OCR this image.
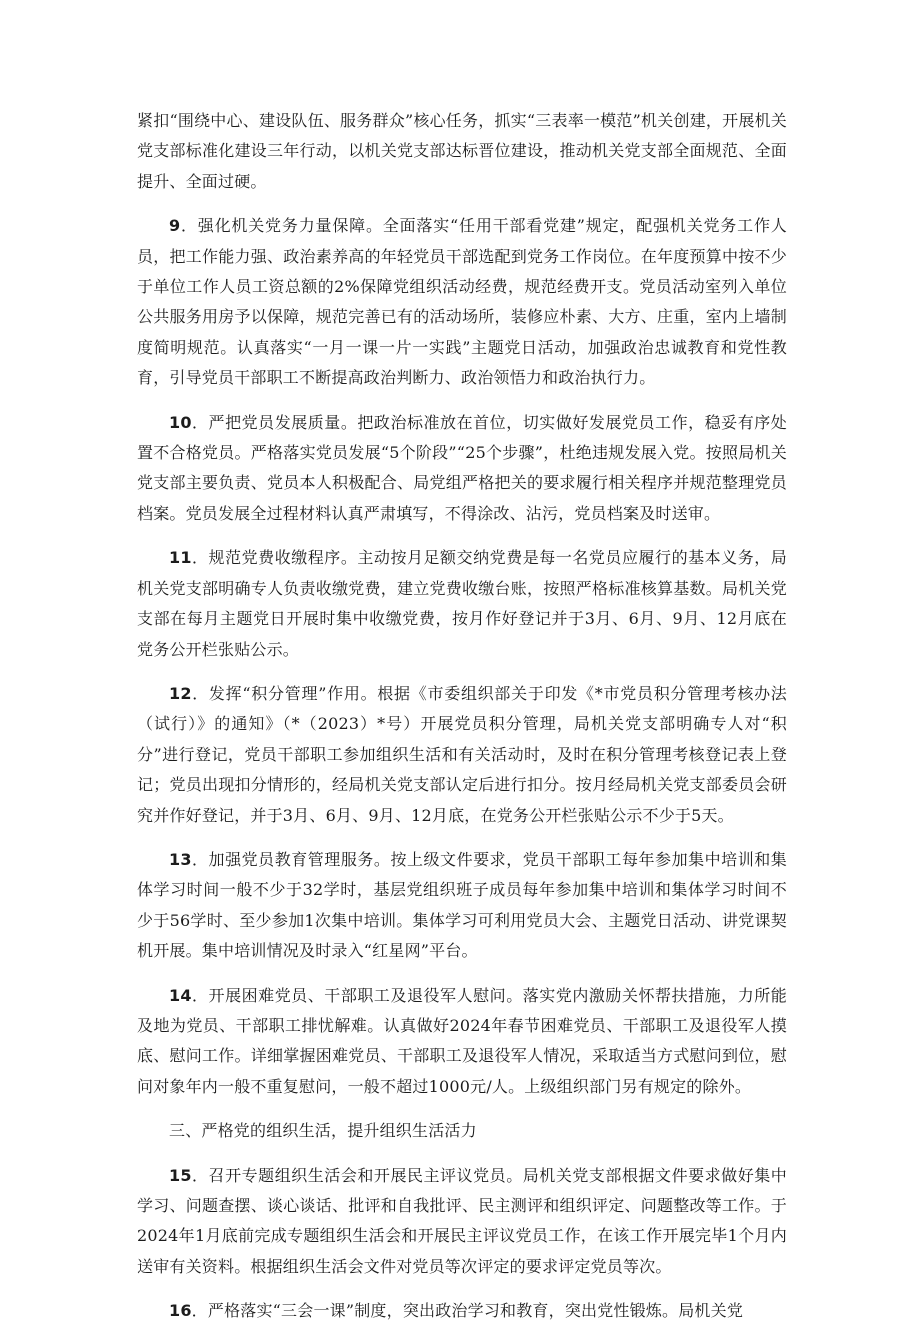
紧扣“围绕中心、建设队伍、服务群众”核心任务，抓实“三表率一模范”机关创建，开展机关党支部标准化建设三年行动，以机关党支部达标晋位建设，推动机关党支部全面规范、全面提升、全面过硬。

9．强化机关党务力量保障。全面落实“任用干部看党建”规定，配强机关党务工作人员，把工作能力强、政治素养高的年轻党员干部选配到党务工作岗位。在年度预算中按不少于单位工作人员工资总额的2%保障党组织活动经费，规范经费开支。党员活动室列入单位公共服务用房予以保障，规范完善已有的活动场所，装修应朴素、大方、庄重，室内上墙制度简明规范。认真落实“一月一课一片一实践”主题党日活动，加强政治忠诚教育和党性教育，引导党员干部职工不断提高政治判断力、政治领悟力和政治执行力。

10．严把党员发展质量。把政治标准放在首位，切实做好发展党员工作，稳妥有序处置不合格党员。严格落实党员发展“5个阶段”“25个步骤”，杜绝违规发展入党。按照局机关党支部主要负责、党员本人积极配合、局党组严格把关的要求履行相关程序并规范整理党员档案。党员发展全过程材料认真严肃填写，不得涂改、沾污，党员档案及时送审。

11．规范党费收缴程序。主动按月足额交纳党费是每一名党员应履行的基本义务，局机关党支部明确专人负责收缴党费，建立党费收缴台账，按照严格标准核算基数。局机关党支部在每月主题党日开展时集中收缴党费，按月作好登记并于3月、6月、9月、12月底在党务公开栏张贴公示。

12．发挥“积分管理”作用。根据《市委组织部关于印发《*市党员积分管理考核办法（试行）》的通知》（*（2023）*号）开展党员积分管理，局机关党支部明确专人对“积分”进行登记，党员干部职工参加组织生活和有关活动时，及时在积分管理考核登记表上登记；党员出现扣分情形的，经局机关党支部认定后进行扣分。按月经局机关党支部委员会研究并作好登记，并于3月、6月、9月、12月底，在党务公开栏张贴公示不少于5天。

13．加强党员教育管理服务。按上级文件要求，党员干部职工每年参加集中培训和集体学习时间一般不少于32学时，基层党组织班子成员每年参加集中培训和集体学习时间不少于56学时、至少参加1次集中培训。集体学习可利用党员大会、主题党日活动、讲党课契机开展。集中培训情况及时录入“红星网”平台。

14．开展困难党员、干部职工及退役军人慰问。落实党内激励关怀帮扶措施，力所能及地为党员、干部职工排忧解难。认真做好2024年春节困难党员、干部职工及退役军人摸底、慰问工作。详细掌握困难党员、干部职工及退役军人情况，采取适当方式慰问到位，慰问对象年内一般不重复慰问，一般不超过1000元/人。上级组织部门另有规定的除外。

三、严格党的组织生活，提升组织生活活力

15．召开专题组织生活会和开展民主评议党员。局机关党支部根据文件要求做好集中学习、问题查摆、谈心谈话、批评和自我批评、民主测评和组织评定、问题整改等工作。于2024年1月底前完成专题组织生活会和开展民主评议党员工作，在该工作开展完毕1个月内送审有关资料。根据组织生活会文件对党员等次评定的要求评定党员等次。

16．严格落实“三会一课”制度，突出政治学习和教育，突出党性锻炼。局机关党
